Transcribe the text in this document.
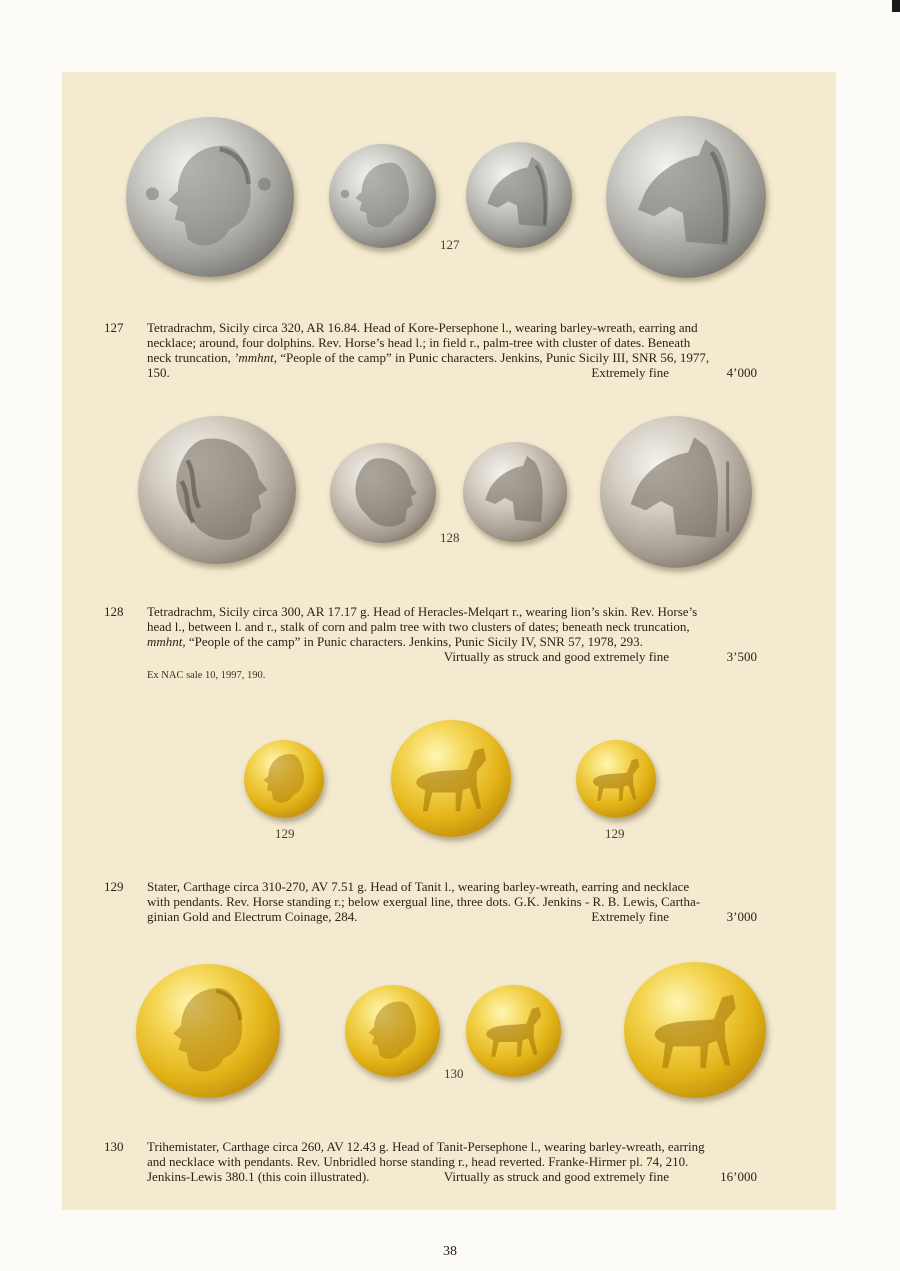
127
127	Tetradrachm, Sicily circa 320, AR 16.84. Head of Kore-Persephone l., wearing barley-wreath, earring and
necklace; around, four dolphins. Rev. Horse’s head l.; in field r., palm-tree with cluster of dates. Beneath
neck truncation, ’mmhnt, “People of the camp” in Punic characters. Jenkins, Punic Sicily III, SNR 56, 1977,
150.	Extremely fine	4’000
128
128	Tetradrachm, Sicily circa 300, AR 17.17 g. Head of Heracles-Melqart r., wearing lion’s skin. Rev. Horse’s
head l., between l. and r., stalk of corn and palm tree with two clusters of dates; beneath neck truncation,
mmhnt, “People of the camp” in Punic characters. Jenkins, Punic Sicily IV, SNR 57, 1978, 293.
Virtually as struck and good extremely fine	3’500
Ex NAC sale 10, 1997, 190.
129	129
129	Stater, Carthage circa 310-270, AV 7.51 g. Head of Tanit l., wearing barley-wreath, earring and necklace
with pendants. Rev. Horse standing r.; below exergual line, three dots. G.K. Jenkins - R. B. Lewis, Cartha-
ginian Gold and Electrum Coinage, 284.	Extremely fine	3’000
130
130	Trihemistater, Carthage circa 260, AV 12.43 g. Head of Tanit-Persephone l., wearing barley-wreath, earring
and necklace with pendants. Rev. Unbridled horse standing r., head reverted. Franke-Hirmer pl. 74, 210.
Jenkins-Lewis 380.1 (this coin illustrated).	Virtually as struck and good extremely fine	16’000
38
